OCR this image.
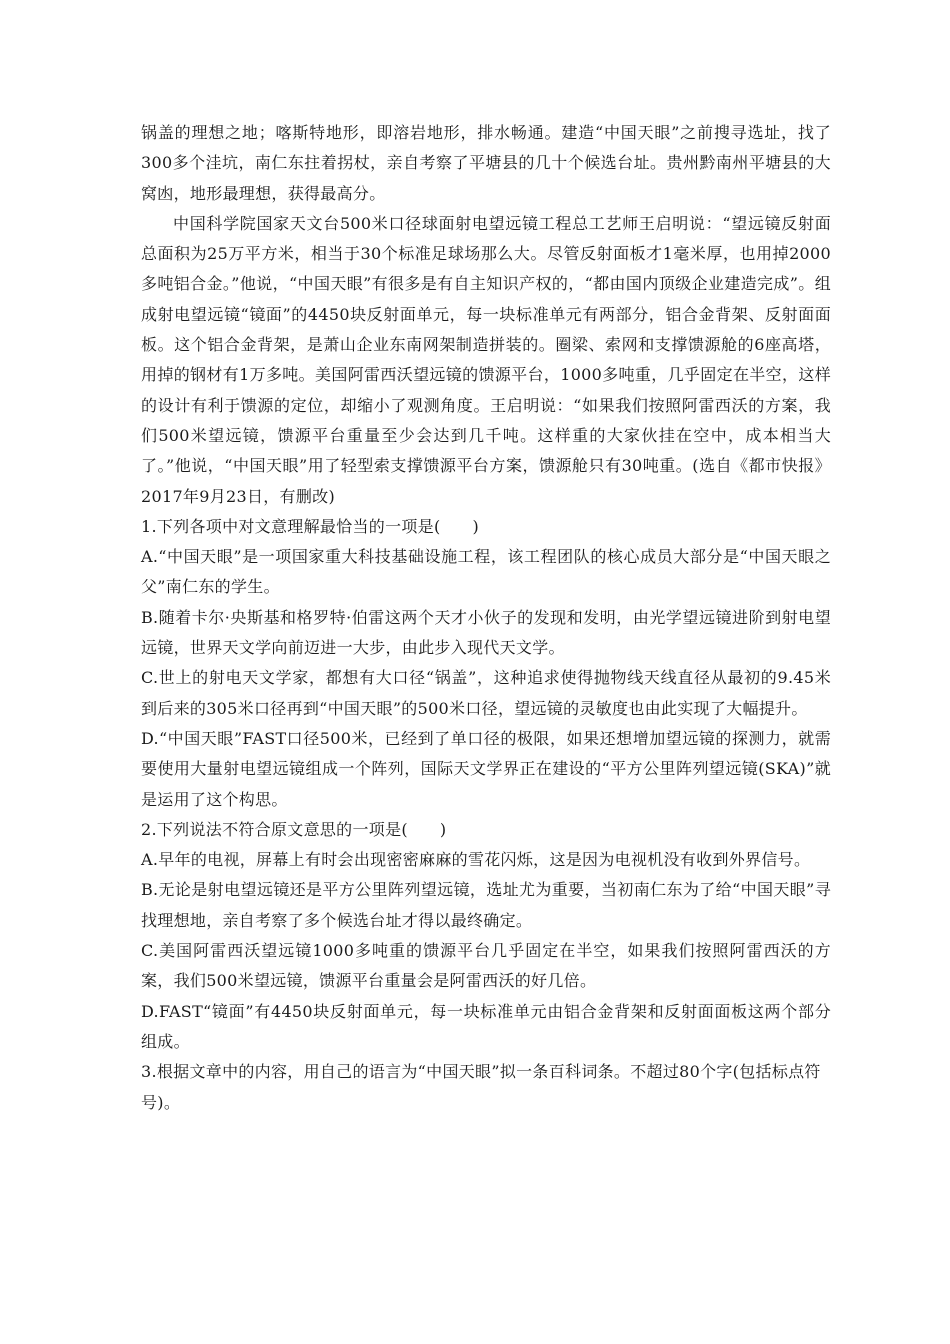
锅盖的理想之地；喀斯特地形，即溶岩地形，排水畅通。建造“中国天眼”之前搜寻选址，找了300多个洼坑，南仁东拄着拐杖，亲自考察了平塘县的几十个候选台址。贵州黔南州平塘县的大窝凼，地形最理想，获得最高分。

中国科学院国家天文台500米口径球面射电望远镜工程总工艺师王启明说：“望远镜反射面总面积为25万平方米，相当于30个标准足球场那么大。尽管反射面板才1毫米厚，也用掉2000多吨铝合金。”他说，“中国天眼”有很多是有自主知识产权的，“都由国内顶级企业建造完成”。组成射电望远镜“镜面”的4450块反射面单元，每一块标准单元有两部分，铝合金背架、反射面面板。这个铝合金背架，是萧山企业东南网架制造拼装的。圈梁、索网和支撑馈源舱的6座高塔，用掉的钢材有1万多吨。美国阿雷西沃望远镜的馈源平台，1000多吨重，几乎固定在半空，这样的设计有利于馈源的定位，却缩小了观测角度。王启明说：“如果我们按照阿雷西沃的方案，我们500米望远镜，馈源平台重量至少会达到几千吨。这样重的大家伙挂在空中，成本相当大了。”他说，“中国天眼”用了轻型索支撑馈源平台方案，馈源舱只有30吨重。(选自《都市快报》2017年9月23日，有删改)

1.下列各项中对文意理解最恰当的一项是( )

A.“中国天眼”是一项国家重大科技基础设施工程，该工程团队的核心成员大部分是“中国天眼之父”南仁东的学生。

B.随着卡尔·央斯基和格罗特·伯雷这两个天才小伙子的发现和发明，由光学望远镜进阶到射电望远镜，世界天文学向前迈进一大步，由此步入现代天文学。

C.世上的射电天文学家，都想有大口径“锅盖”，这种追求使得抛物线天线直径从最初的9.45米到后来的305米口径再到“中国天眼”的500米口径，望远镜的灵敏度也由此实现了大幅提升。

D.“中国天眼”FAST口径500米，已经到了单口径的极限，如果还想增加望远镜的探测力，就需要使用大量射电望远镜组成一个阵列，国际天文学界正在建设的“平方公里阵列望远镜(SKA)”就是运用了这个构思。

2.下列说法不符合原文意思的一项是( )

A.早年的电视，屏幕上有时会出现密密麻麻的雪花闪烁，这是因为电视机没有收到外界信号。

B.无论是射电望远镜还是平方公里阵列望远镜，选址尤为重要，当初南仁东为了给“中国天眼”寻找理想地，亲自考察了多个候选台址才得以最终确定。

C.美国阿雷西沃望远镜1000多吨重的馈源平台几乎固定在半空，如果我们按照阿雷西沃的方案，我们500米望远镜，馈源平台重量会是阿雷西沃的好几倍。

D.FAST“镜面”有4450块反射面单元，每一块标准单元由铝合金背架和反射面面板这两个部分组成。

3.根据文章中的内容，用自己的语言为“中国天眼”拟一条百科词条。不超过80个字(包括标点符号)。
